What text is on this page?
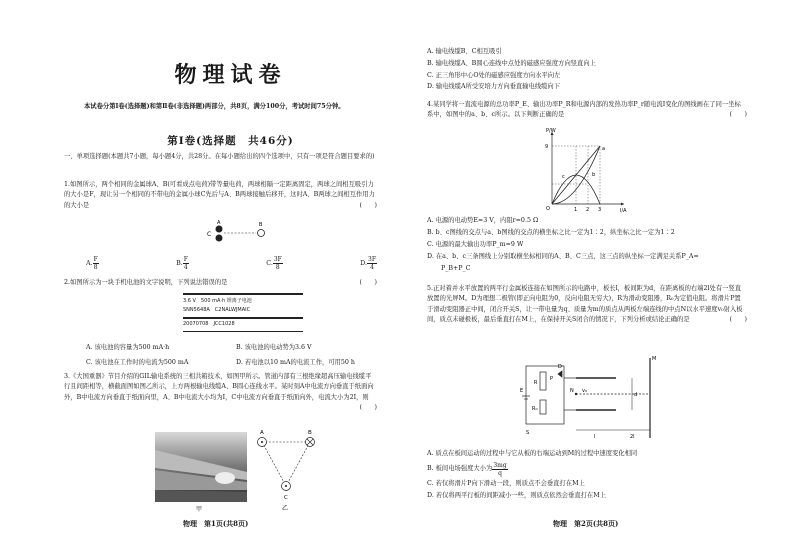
物理试卷

本试卷分第Ⅰ卷(选择题)和第Ⅱ卷(非选择题)两部分，共8页，满分100分，考试时间75分钟。

第Ⅰ卷(选择题　共46分)

一、单项选择题(本题共7小题，每小题4分，共28分。在每小题给出的四个选项中，只有一项是符合题目要求的)

1.如图所示，两个相同的金属球A、B(可看成点电荷)带等量电荷，两球相隔一定距离固定，两球之间相互吸引力的大小是F，现让另一个相同的不带电的金属小球C先后与A、B两球接触后移开，这时A、B两球之间相互作用力的大小是	(　　)

C
A	B
A. $\frac{F}{8}$	B. $\frac{F}{4}$	C. $\frac{3F}{8}$	D. $\frac{3F}{4}$

2.如图所示为一块手机电池的文字说明，下列说法错误的是	(　　)

3.6 V　500 mA·h 锂离子电池
SNN5648A　C2NALWJMAIC
20070708　JCC1028
A. 该电池的容量为500 mA·h	B. 该电池的电动势为3.6 V
C. 该电池在工作时的电流为500 mA	D. 若电池以10 mA的电流工作，可用50 h

3.《大国重器》节目介绍的GIL输电系统的三相共箱技术，如图甲所示。管道内部有三根绝缘超高压输电线缆平行且间距相等，横截面图如图乙所示，上方两根输电线缆A、B圆心连线水平。某时刻A中电流方向垂直于纸面向外，B中电流方向垂直于纸面向里，A、B中电流大小均为I，C中电流方向垂直于纸面向外，电流大小为2I，则
(　　)

甲
A	B
C
乙
物理　第1页(共8页)
A. 输电线缆B、C相互吸引
B. 输电线缆A、B圆心连线中点处的磁感应强度方向竖直向上
C. 正三角形中心O处的磁感应强度方向水平向左
D. 输电线缆A所受安培力方向垂直输电线缆向下

4.某同学将一直流电源的总功率P_E、输出功率P_R和电源内部的发热功率P_r随电流I变化的图线画在了同一坐标系中，如图中的a、b、c所示。以下判断正确的是	(　　)

P/W
I/A
O
9
1 2 3
a
b
c
A. 电源的电动势E=3 V，内阻r=0.5 Ω
B. b、c图线的交点与a、b图线的交点的横坐标之比一定为1∶2，纵坐标之比一定为1∶2
C. 电源的最大输出功率P_m=9 W
D. 在a、b、c三条图线上分别取横坐标相同的A、B、C三点，这三点的纵坐标一定满足关系P_A=
P_B+P_C

5.正对着并水平放置的两平行金属板连接在如图所示的电路中，板长l，板间距为d，在距离板的右端2l处有一竖直放置的光屏M。D为理想二极管(即正向电阻为0，反向电阻无穷大)，R为滑动变阻器，R₀为定值电阻。将滑片P置于滑动变阻器正中间，闭合开关S，让一带电量为q、质量为m的质点从两板左端连线的中点N以水平速度v₀射入板间，质点未碰极板，最后垂直打在M上，在保持开关S闭合的情况下，下列分析或结论正确的是	(　　)

M
P
R
R₀
D
E
S
N v₀
d
l	2l
A. 质点在板间运动的过程中与它从板的右端运动到M的过程中速度变化相同
B. 板间电场强度大小为 $\frac{3mg}{q}$
C. 若仅将滑片P向下滑动一段，则质点不会垂直打在M上
D. 若仅将两平行板的间距减小一些，则质点依然会垂直打在M上
物理　第2页(共8页)
